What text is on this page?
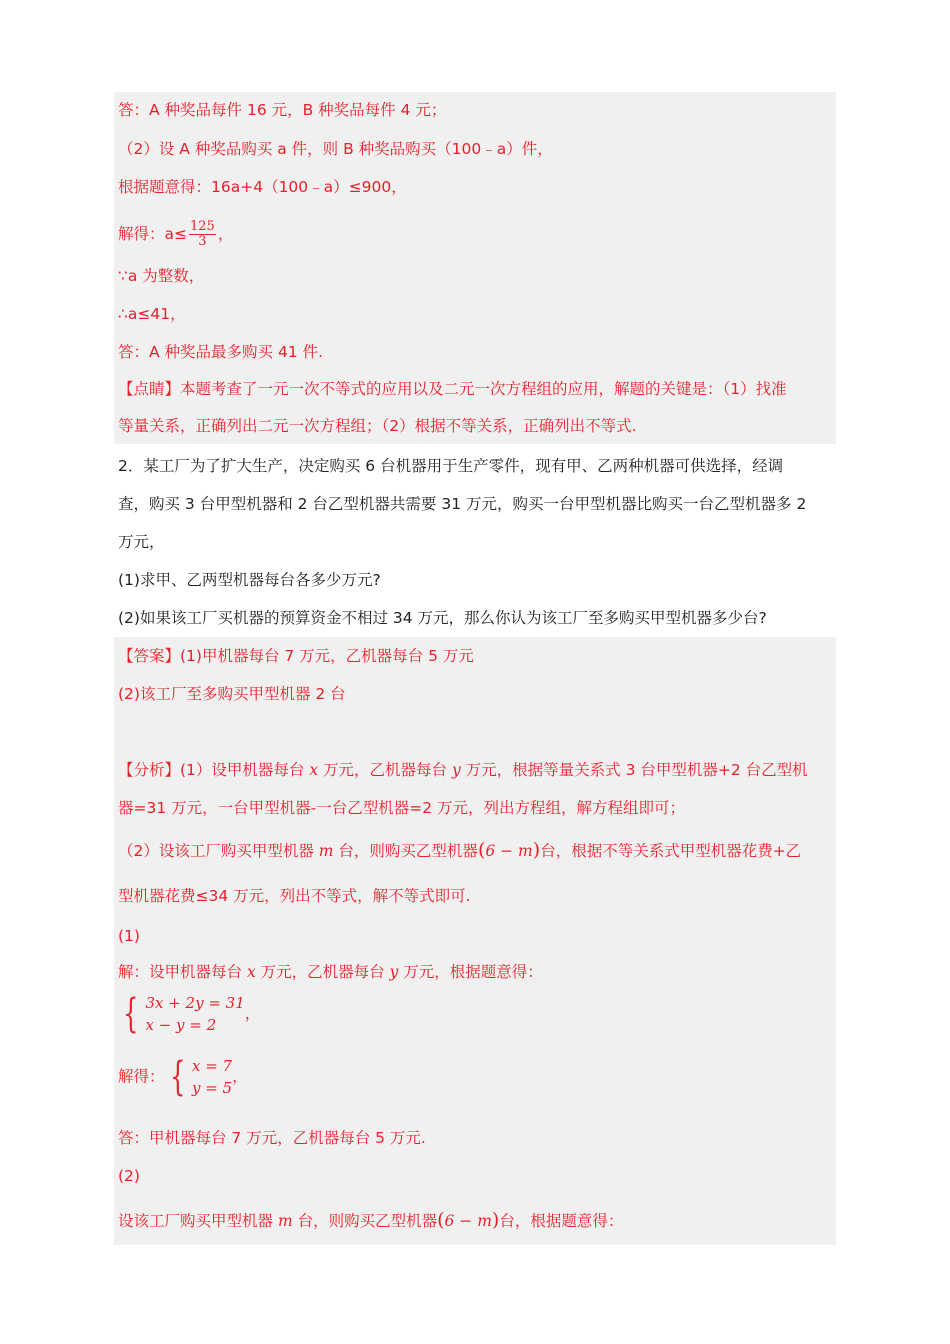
答：A 种奖品每件 16 元，B 种奖品每件 4 元；
（2）设 A 种奖品购买 a 件，则 B 种奖品购买（100﹣a）件，
根据题意得：16a+4（100﹣a）≤900，
解得：$a\le \frac{125}{3}$ ，
∵a 为整数，
∴a≤41，
答：A 种奖品最多购买 41 件.
【点睛】本题考查了一元一次不等式的应用以及二元一次方程组的应用，解题的关键是：（1）找准
等量关系，正确列出二元一次方程组；（2）根据不等关系，正确列出不等式.
2．某工厂为了扩大生产，决定购买 6 台机器用于生产零件，现有甲、乙两种机器可供选择，经调
查，购买 3 台甲型机器和 2 台乙型机器共需要 31 万元，购买一台甲型机器比购买一台乙型机器多 2
万元，
(1)求甲、乙两型机器每台各多少万元?
(2)如果该工厂买机器的预算资金不相过 34 万元，那么你认为该工厂至多购买甲型机器多少台?
【答案】(1)甲机器每台 7 万元，乙机器每台 5 万元
(2)该工厂至多购买甲型机器 2 台
【分析】(1）设甲机器每台 x 万元，乙机器每台 y 万元，根据等量关系式 3 台甲型机器+2 台乙型机
器=31 万元，一台甲型机器-一台乙型机器=2 万元，列出方程组，解方程组即可；
（2）设该工厂购买甲型机器 m 台，则购买乙型机器(6 − m)台，根据不等关系式甲型机器花费+乙
型机器花费≤34 万元，列出不等式，解不等式即可.
(1)
解：设甲机器每台 x 万元，乙机器每台 y 万元，根据题意得：
{ 3x + 2y = 31
x − y = 2
，
解得： { x = 7
y = 5
，
答：甲机器每台 7 万元，乙机器每台 5 万元.
(2)
设该工厂购买甲型机器 m 台，则购买乙型机器(6 − m)台，根据题意得：
